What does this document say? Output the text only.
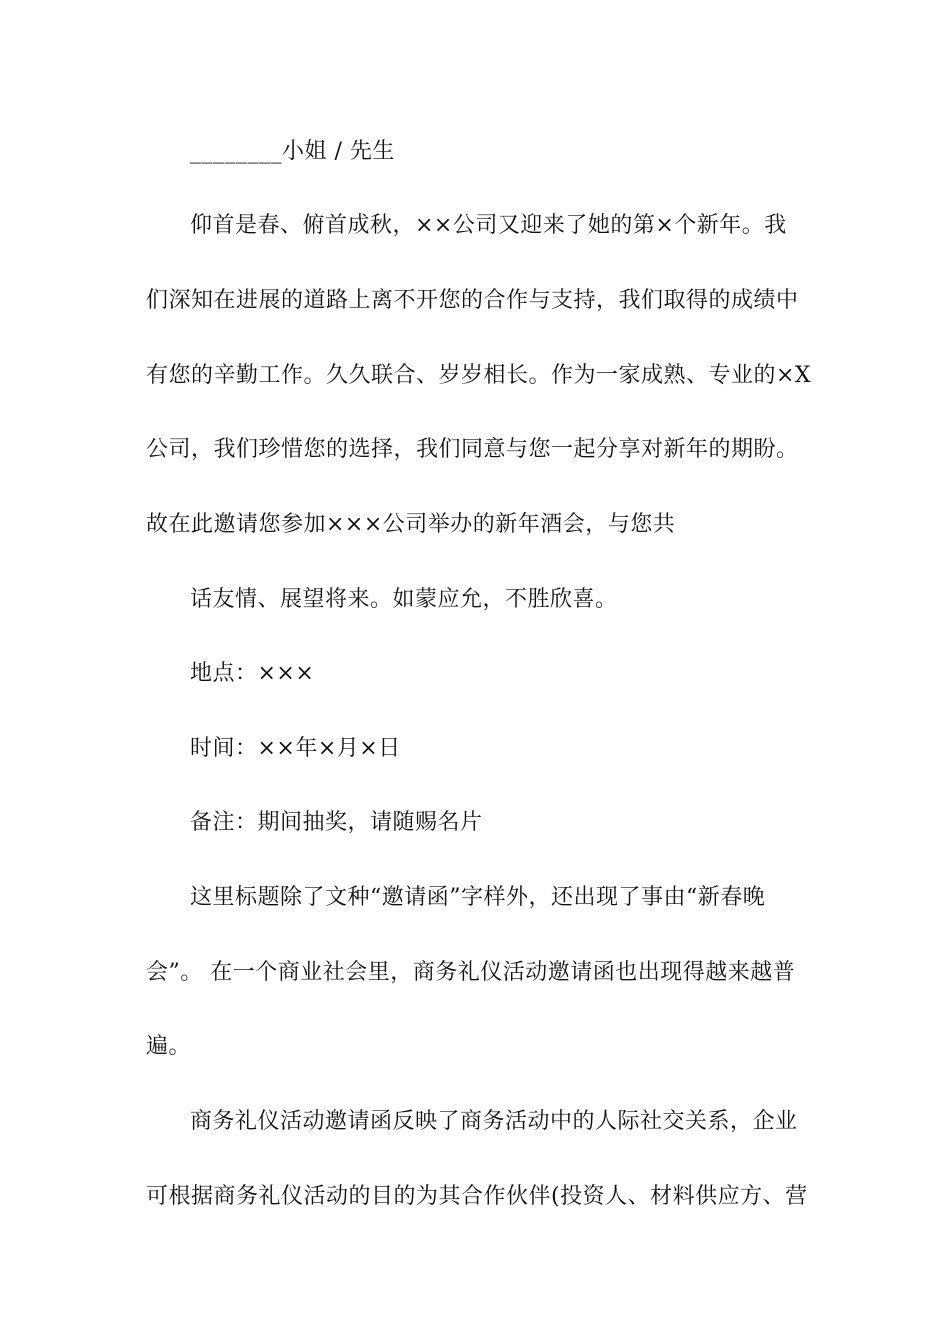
________小姐 / 先生
仰首是春、俯首成秋，××公司又迎来了她的第×个新年。我
们深知在进展的道路上离不开您的合作与支持，我们取得的成绩中
有您的辛勤工作。久久联合、岁岁相长。作为一家成熟、专业的×X
公司，我们珍惜您的选择，我们同意与您一起分享对新年的期盼。
故在此邀请您参加×××公司举办的新年酒会，与您共
话友情、展望将来。如蒙应允，不胜欣喜。
地点：×××
时间：××年×月×日
备注：期间抽奖，请随赐名片
这里标题除了文种“邀请函”字样外，还出现了事由“新春晚
会”。 在一个商业社会里，商务礼仪活动邀请函也出现得越来越普
遍。
商务礼仪活动邀请函反映了商务活动中的人际社交关系，企业
可根据商务礼仪活动的目的为其合作伙伴(投资人、材料供应方、营
